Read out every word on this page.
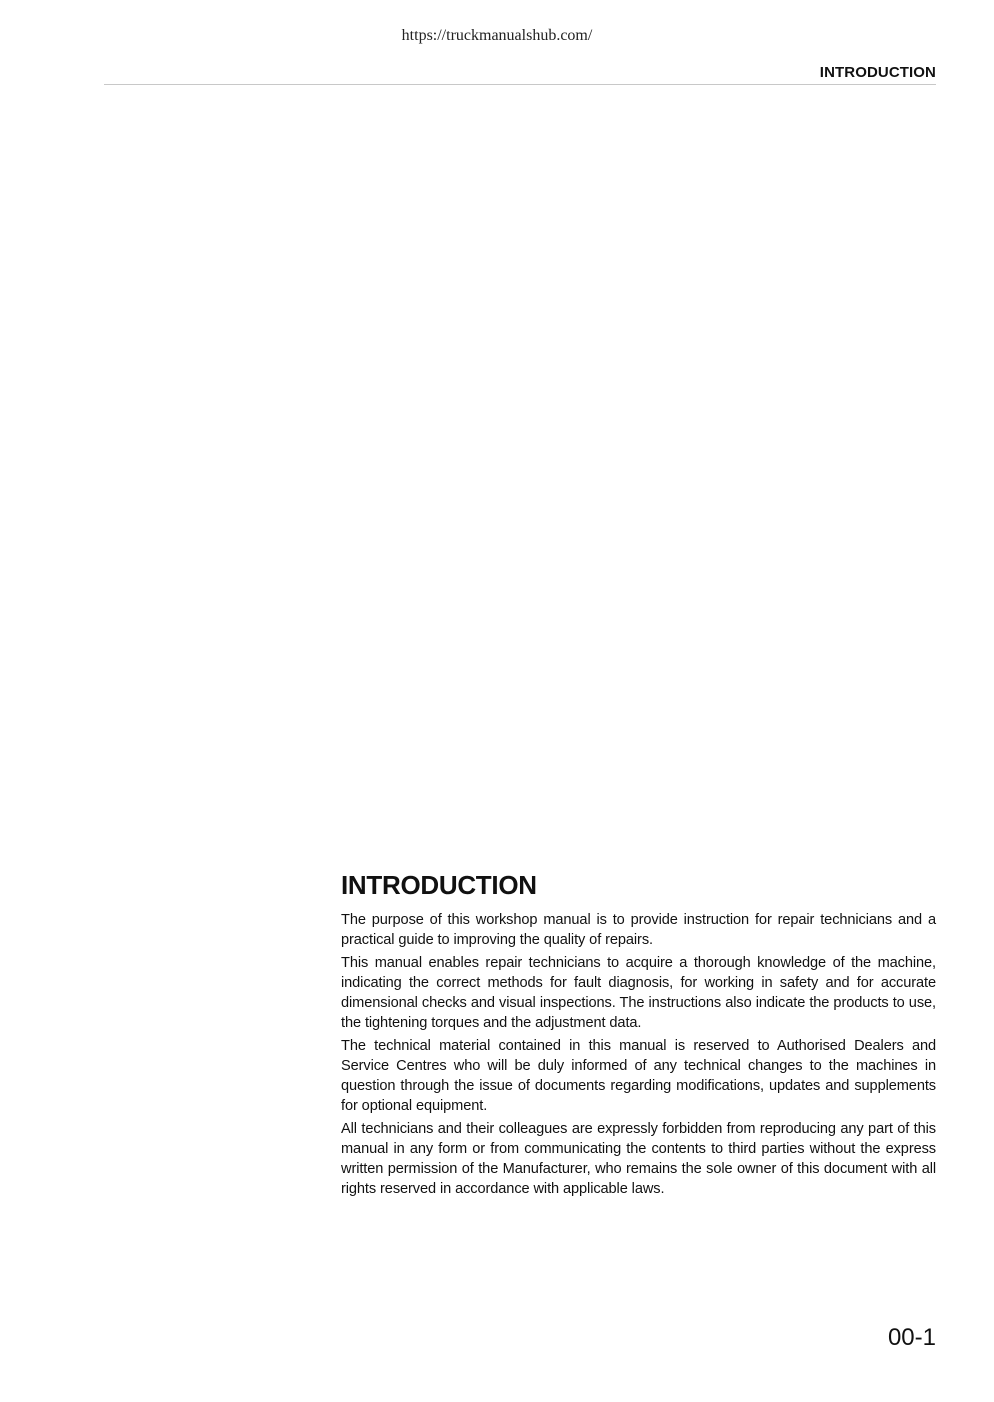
https://truckmanualshub.com/
INTRODUCTION
INTRODUCTION

The purpose of this workshop manual is to provide instruction for repair technicians and a practical guide to improving the quality of repairs.

This manual enables repair technicians to acquire a thorough knowledge of the machine, indicating the correct methods for fault diagnosis, for working in safety and for accurate dimensional checks and visual inspections. The instructions also indicate the products to use, the tightening torques and the adjustment data.

The technical material contained in this manual is reserved to Authorised Dealers and Service Centres who will be duly informed of any technical changes to the machines in question through the issue of documents regarding modifications, updates and supplements for optional equipment.

All technicians and their colleagues are expressly forbidden from reproducing any part of this manual in any form or from communicating the contents to third parties without the express written permission of the Manufacturer, who remains the sole owner of this document with all rights reserved in accordance with applicable laws.

00-1
